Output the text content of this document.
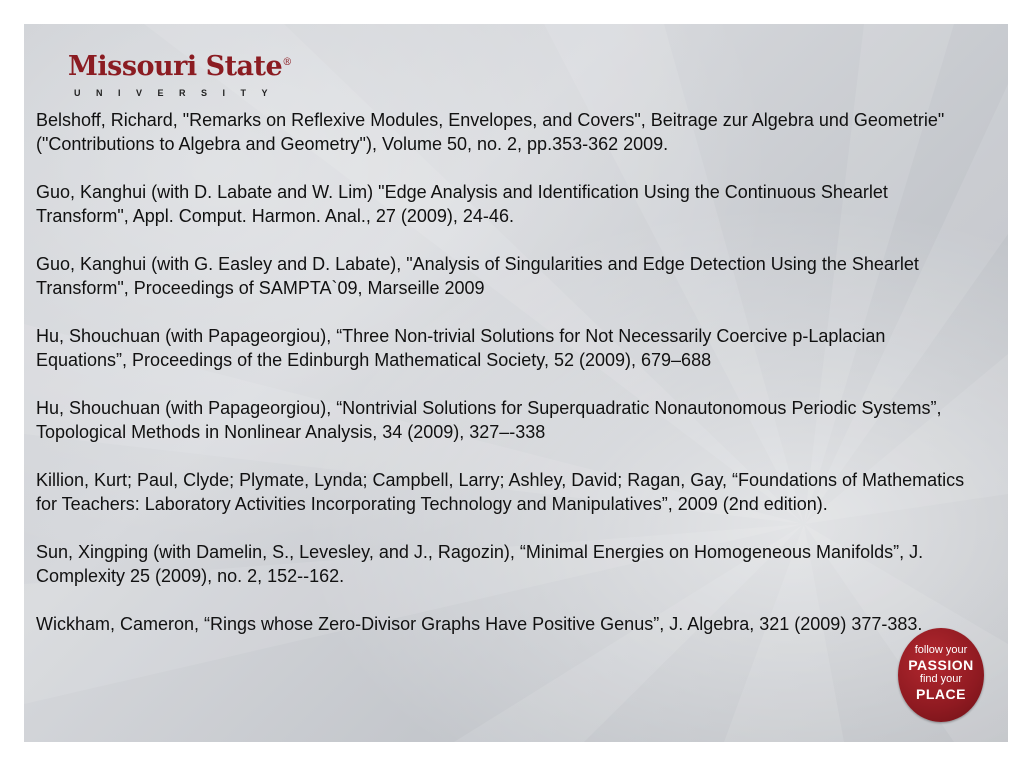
Missouri State®
UNIVERSITY

Belshoff, Richard, "Remarks on Reflexive Modules, Envelopes, and Covers", Beitrage zur Algebra und Geometrie" ("Contributions to Algebra and Geometry"), Volume 50, no. 2, pp.353-362 2009.

Guo, Kanghui (with D. Labate and W. Lim) "Edge Analysis and Identification Using the Continuous Shearlet Transform", Appl. Comput. Harmon. Anal., 27 (2009), 24-46.

Guo, Kanghui (with G. Easley and D. Labate), "Analysis of Singularities and Edge Detection Using the Shearlet Transform", Proceedings of SAMPTA`09, Marseille 2009

Hu, Shouchuan (with Papageorgiou), “Three Non-trivial Solutions for Not Necessarily Coercive p-Laplacian Equations”, Proceedings of the Edinburgh Mathematical Society, 52 (2009), 679–688

Hu, Shouchuan (with Papageorgiou), “Nontrivial Solutions for Superquadratic Nonautonomous Periodic Systems”, Topological Methods in Nonlinear Analysis, 34 (2009), 327–-338

Killion, Kurt; Paul, Clyde; Plymate, Lynda; Campbell, Larry; Ashley, David; Ragan, Gay, “Foundations of Mathematics for Teachers: Laboratory Activities Incorporating Technology and Manipulatives”, 2009 (2nd edition).

Sun, Xingping (with Damelin, S., Levesley, and J., Ragozin), “Minimal Energies on Homogeneous Manifolds”, J. Complexity 25 (2009), no. 2, 152--162.

Wickham, Cameron, “Rings whose Zero-Divisor Graphs Have Positive Genus”, J. Algebra, 321 (2009) 377-383.

follow your
PASSION
find your
PLACE
